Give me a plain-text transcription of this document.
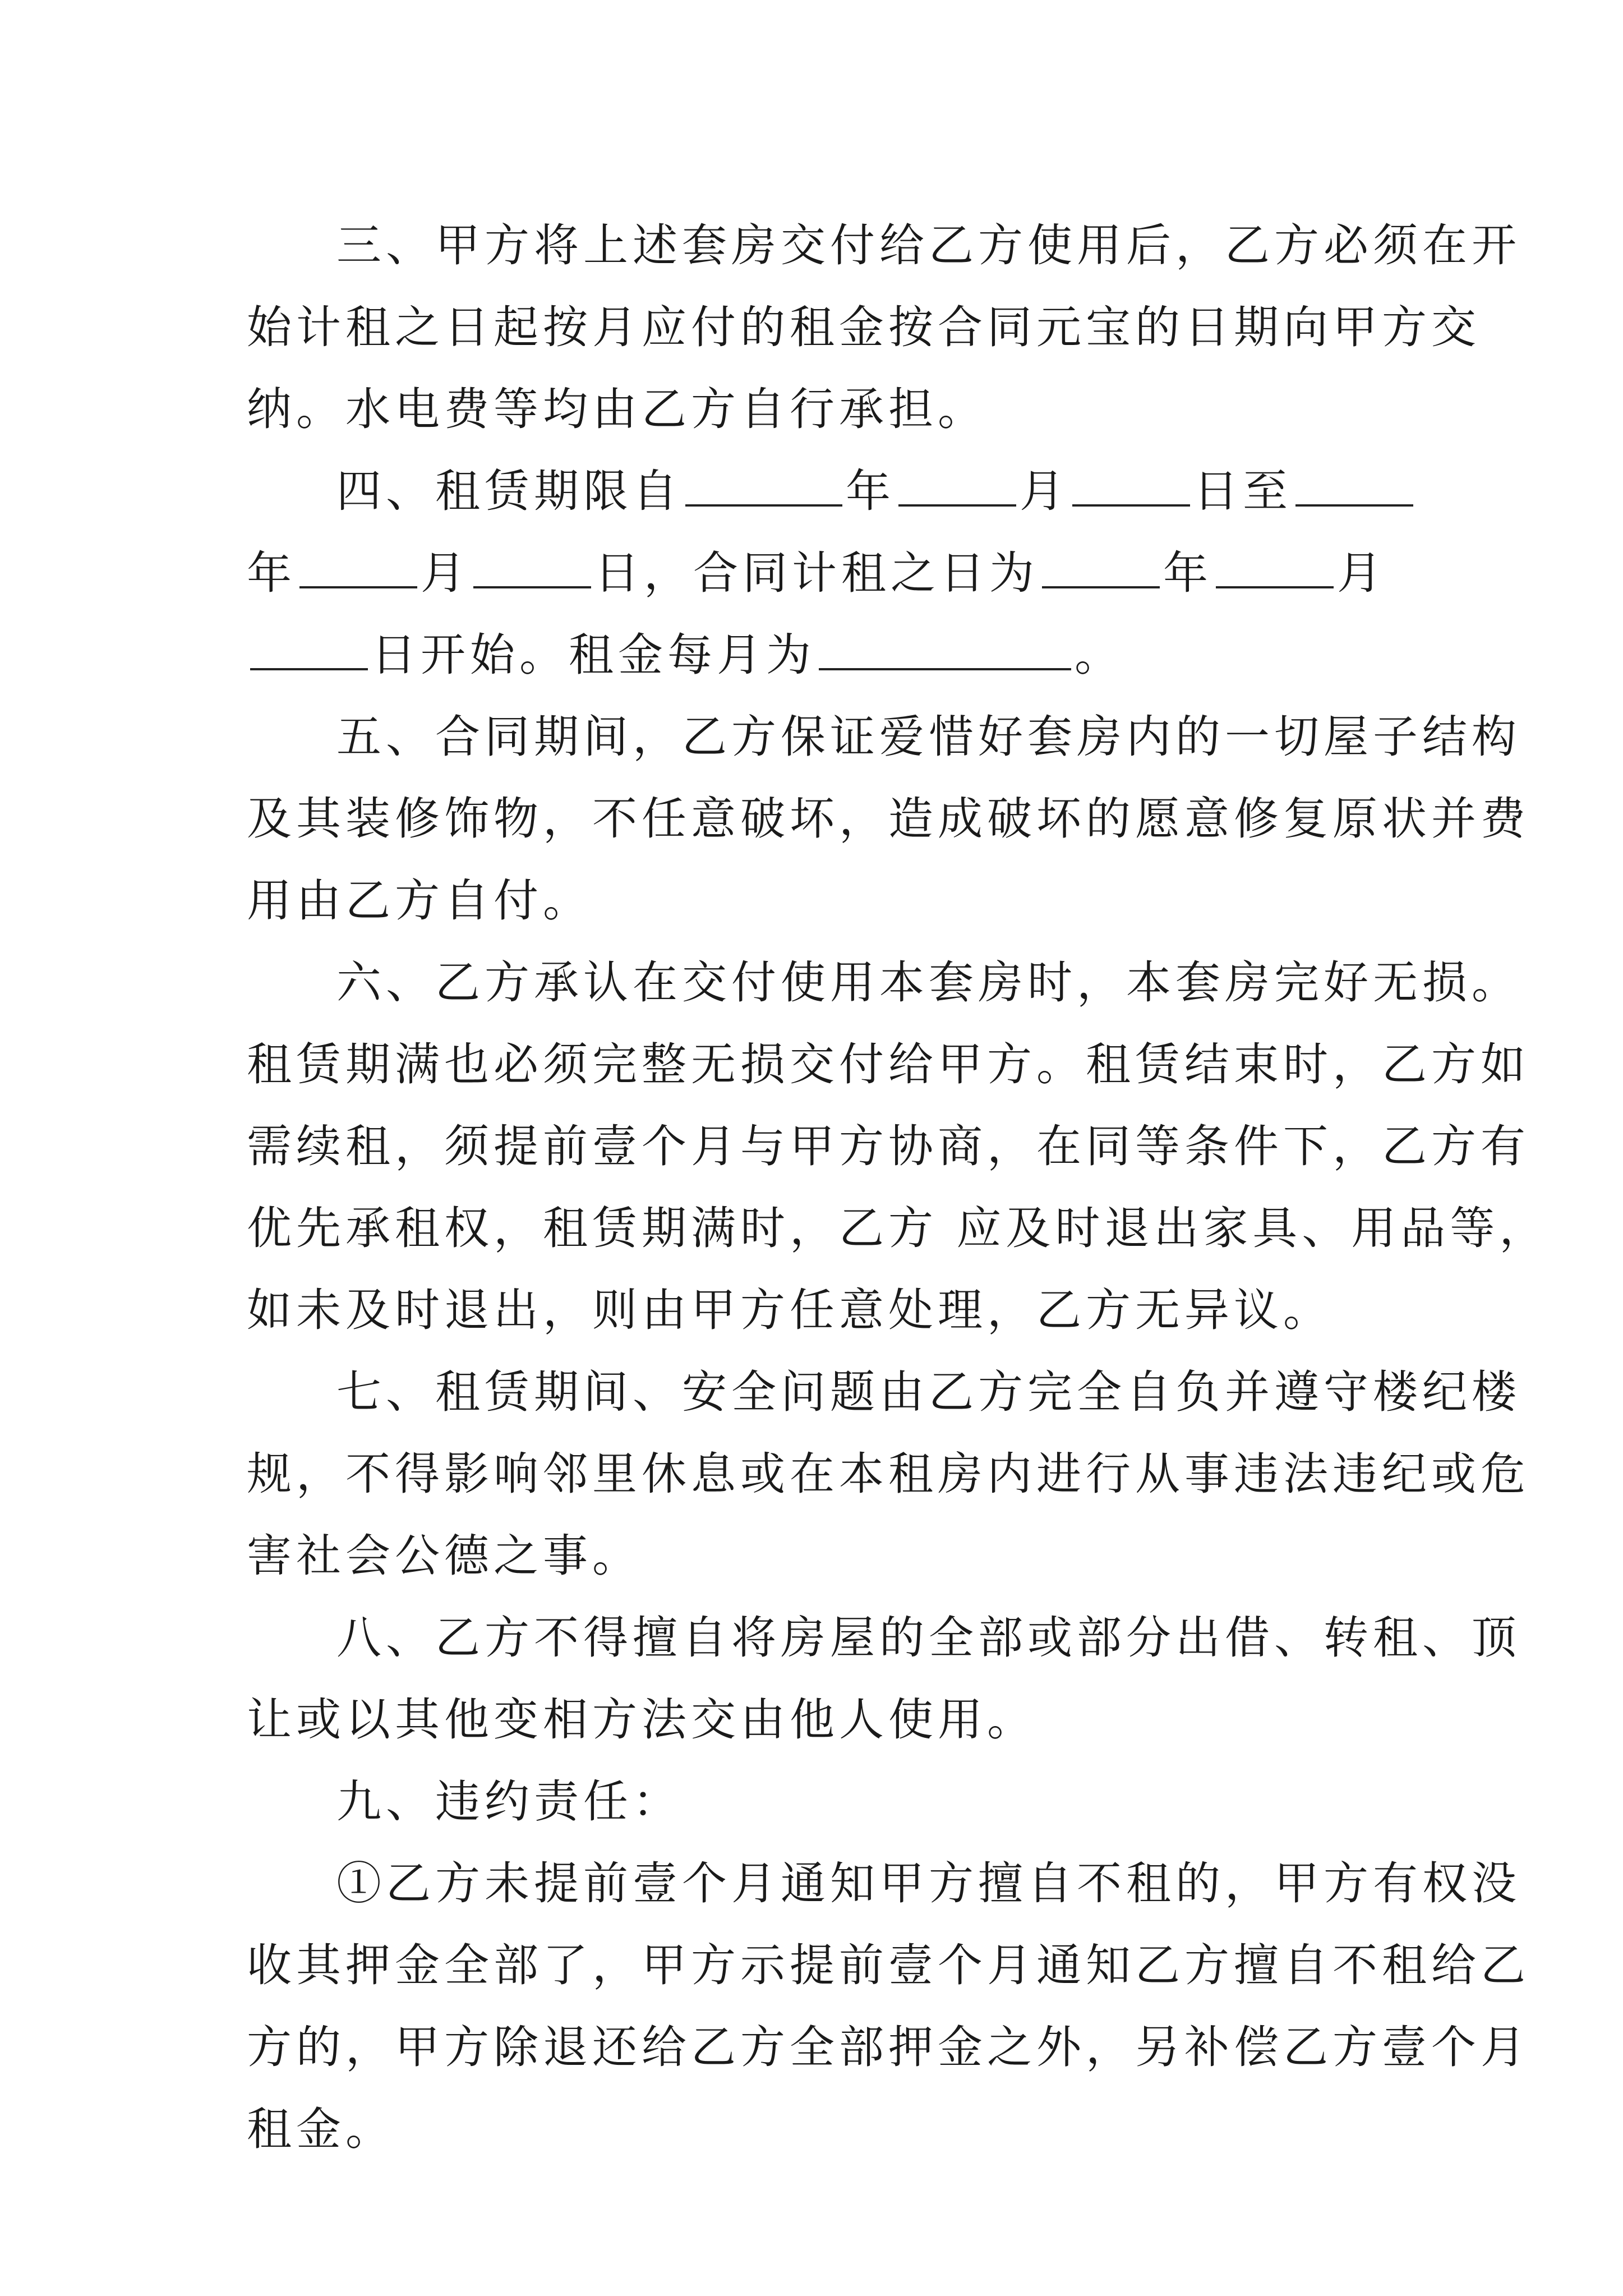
三、甲方将上述套房交付给乙方使用后，乙方必须在开
始计租之日起按月应付的租金按合同元宝的日期向甲方交
纳。水电费等均由乙方自行承担。
四、租赁期限自	年	月	日至
年	月	日，合同计租之日为	年	月
日开始。租金每月为	。
五、合同期间，乙方保证爱惜好套房内的一切屋子结构
及其装修饰物，不任意破坏，造成破坏的愿意修复原状并费
用由乙方自付。
六、乙方承认在交付使用本套房时，本套房完好无损。
租赁期满也必须完整无损交付给甲方。租赁结束时，乙方如
需续租，须提前壹个月与甲方协商，在同等条件下，乙方有
优先承租权，租赁期满时，乙方 应及时退出家具、用品等，
如未及时退出，则由甲方任意处理，乙方无异议。
七、租赁期间、安全问题由乙方完全自负并遵守楼纪楼
规，不得影响邻里休息或在本租房内进行从事违法违纪或危
害社会公德之事。
八、乙方不得擅自将房屋的全部或部分出借、转租、顶
让或以其他变相方法交由他人使用。
九、违约责任：
①乙方未提前壹个月通知甲方擅自不租的，甲方有权没
收其押金全部了，甲方示提前壹个月通知乙方擅自不租给乙
方的，甲方除退还给乙方全部押金之外，另补偿乙方壹个月
租金。
